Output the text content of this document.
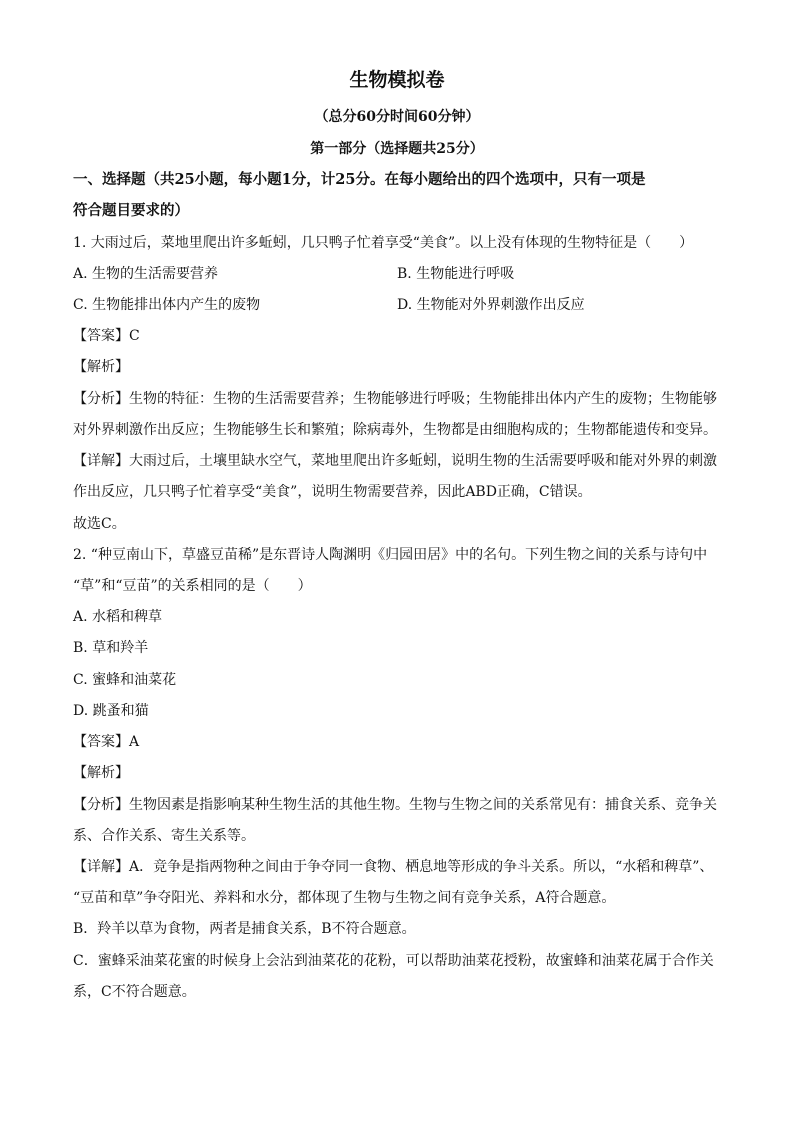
生物模拟卷
（总分60分时间60分钟）
第一部分（选择题共25分）
一、选择题（共25小题，每小题1分，计25分。在每小题给出的四个选项中，只有一项是
符合题目要求的）
1. 大雨过后，菜地里爬出许多蚯蚓，几只鸭子忙着享受“美食”。以上没有体现的生物特征是（　　）
A. 生物的生活需要营养	B. 生物能进行呼吸
C. 生物能排出体内产生的废物	D. 生物能对外界刺激作出反应
【答案】C
【解析】
【分析】生物的特征：生物的生活需要营养；生物能够进行呼吸；生物能排出体内产生的废物；生物能够
对外界刺激作出反应；生物能够生长和繁殖；除病毒外，生物都是由细胞构成的；生物都能遗传和变异。
【详解】大雨过后，土壤里缺水空气，菜地里爬出许多蚯蚓，说明生物的生活需要呼吸和能对外界的刺激
作出反应，几只鸭子忙着享受“美食”，说明生物需要营养，因此ABD正确，C错误。
故选C。
2. “种豆南山下，草盛豆苗稀”是东晋诗人陶渊明《归园田居》中的名句。下列生物之间的关系与诗句中
“草”和“豆苗”的关系相同的是（　　）
A. 水稻和稗草
B. 草和羚羊
C. 蜜蜂和油菜花
D. 跳蚤和猫
【答案】A
【解析】
【分析】生物因素是指影响某种生物生活的其他生物。生物与生物之间的关系常见有：捕食关系、竞争关
系、合作关系、寄生关系等。
【详解】A．竞争是指两物种之间由于争夺同一食物、栖息地等形成的争斗关系。所以，“水稻和稗草”、
“豆苗和草”争夺阳光、养料和水分，都体现了生物与生物之间有竞争关系，A符合题意。
B．羚羊以草为食物，两者是捕食关系，B不符合题意。
C．蜜蜂采油菜花蜜的时候身上会沾到油菜花的花粉，可以帮助油菜花授粉，故蜜蜂和油菜花属于合作关
系，C不符合题意。
